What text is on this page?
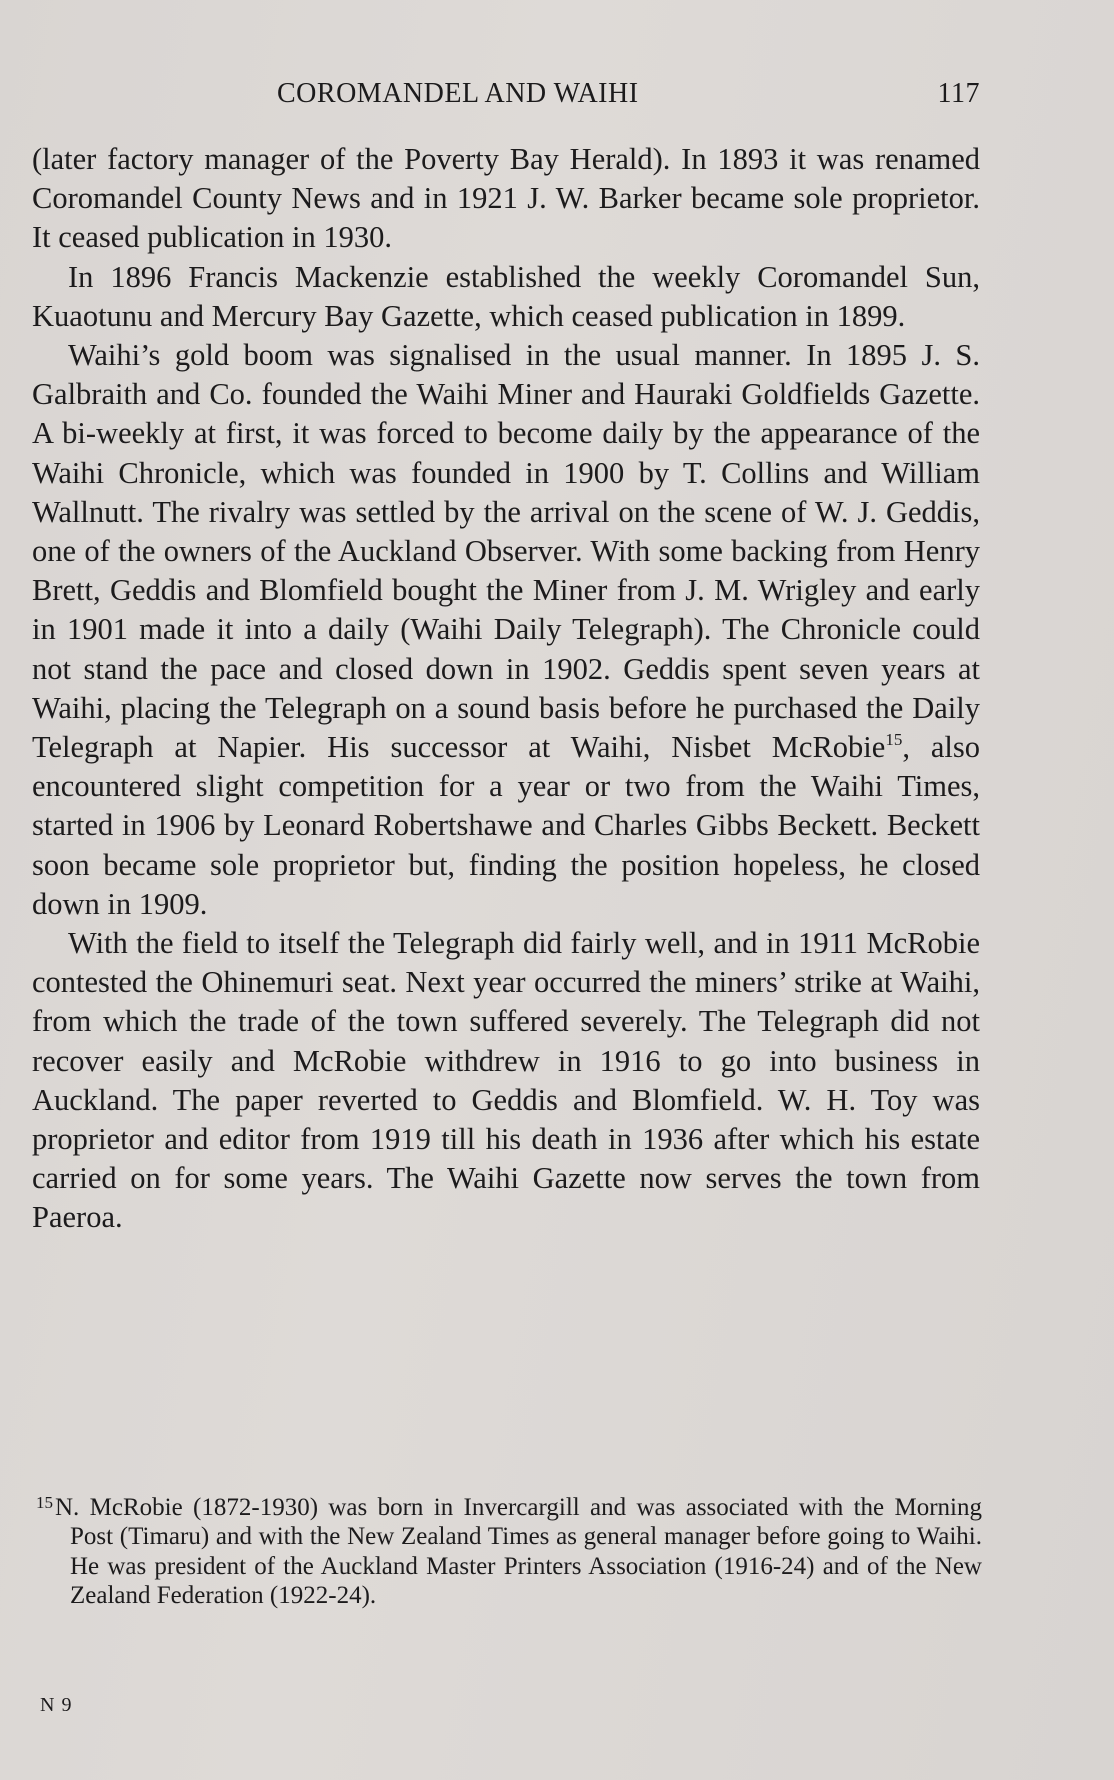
COROMANDEL AND WAIHI	117

(later factory manager of the Poverty Bay Herald). In 1893 it was renamed Coromandel County News and in 1921 J. W. Barker became sole proprietor. It ceased publication in 1930.

In 1896 Francis Mackenzie established the weekly Coromandel Sun, Kuaotunu and Mercury Bay Gazette, which ceased publication in 1899.

Waihi’s gold boom was signalised in the usual manner. In 1895 J. S. Galbraith and Co. founded the Waihi Miner and Hauraki Goldfields Gazette. A bi-weekly at first, it was forced to become daily by the appearance of the Waihi Chronicle, which was founded in 1900 by T. Collins and William Wallnutt. The rivalry was settled by the arrival on the scene of W. J. Geddis, one of the owners of the Auckland Observer. With some backing from Henry Brett, Geddis and Blomfield bought the Miner from J. M. Wrigley and early in 1901 made it into a daily (Waihi Daily Telegraph). The Chronicle could not stand the pace and closed down in 1902. Geddis spent seven years at Waihi, placing the Telegraph on a sound basis before he purchased the Daily Telegraph at Napier. His successor at Waihi, Nisbet McRobie$^{15}$, also encountered slight competition for a year or two from the Waihi Times, started in 1906 by Leonard Robertshawe and Charles Gibbs Beckett. Beckett soon became sole proprietor but, finding the position hopeless, he closed down in 1909.

With the field to itself the Telegraph did fairly well, and in 1911 McRobie contested the Ohinemuri seat. Next year occurred the miners’ strike at Waihi, from which the trade of the town suffered severely. The Telegraph did not recover easily and McRobie withdrew in 1916 to go into business in Auckland. The paper reverted to Geddis and Blomfield. W. H. Toy was proprietor and editor from 1919 till his death in 1936 after which his estate carried on for some years. The Waihi Gazette now serves the town from Paeroa.

$^{15}$N. McRobie (1872-1930) was born in Invercargill and was associated with the Morning Post (Timaru) and with the New Zealand Times as general manager before going to Waihi. He was president of the Auckland Master Printers Association (1916-24) and of the New Zealand Federation (1922-24).
N 9
